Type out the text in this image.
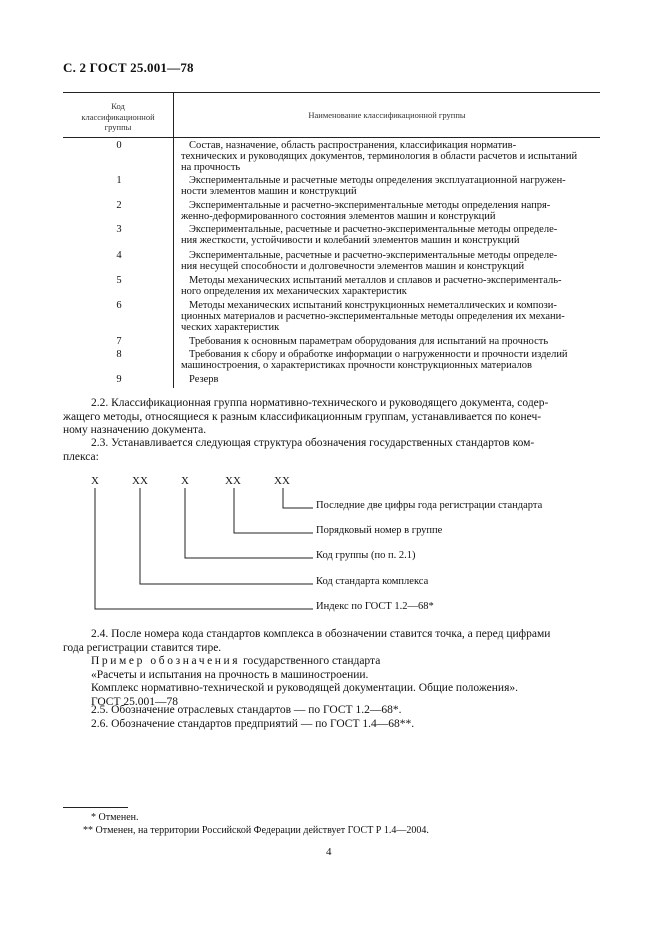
С. 2 ГОСТ 25.001—78
Код
классификационной
группы
Наименование классификационной группы
0	Состав, назначение, область распространения, классификация норматив-
технических и руководящих документов, терминология в области расчетов и испытаний
на прочность
1	Экспериментальные и расчетные методы определения эксплуатационной нагружен-
ности элементов машин и конструкций
2	Экспериментальные и расчетно-экспериментальные методы определения напря-
женно-деформированного состояния элементов машин и конструкций
3	Экспериментальные, расчетные и расчетно-экспериментальные методы определе-
ния жесткости, устойчивости и колебаний элементов машин и конструкций
4	Экспериментальные, расчетные и расчетно-экспериментальные методы определе-
ния несущей способности и долговечности элементов машин и конструкций
5	Методы механических испытаний металлов и сплавов и расчетно-эксперименталь-
ного определения их механических характеристик
6	Методы механических испытаний конструкционных неметаллических и компози-
ционных материалов и расчетно-экспериментальные методы определения их механи-
ческих характеристик
7	Требования к основным параметрам оборудования для испытаний на прочность
8	Требования к сбору и обработке информации о нагруженности и прочности изделий
машиностроения, о характеристиках прочности конструкционных материалов
9	Резерв
2.2. Классификационная группа нормативно-технического и руководящего документа, содер-
жащего методы, относящиеся к разным классификационным группам, устанавливается по конеч-
ному назначению документа.
2.3. Устанавливается следующая структура обозначения государственных стандартов ком-
плекса:
Х	ХХ	Х	ХХ	ХХ
Последние две цифры года регистрации стандарта
Порядковый номер в группе
Код группы (по п. 2.1)
Код стандарта комплекса
Индекс по ГОСТ 1.2—68*
2.4. После номера кода стандартов комплекса в обозначении ставится точка, а перед цифрами
года регистрации ставится тире.
Пример обозначения государственного стандарта
«Расчеты и испытания на прочность в машиностроении.
Комплекс нормативно-технической и руководящей документации. Общие положения».
ГОСТ 25.001—78
2.5. Обозначение отраслевых стандартов — по ГОСТ 1.2—68*.
2.6. Обозначение стандартов предприятий — по ГОСТ 1.4—68**.
* Отменен.
** Отменен, на территории Российской Федерации действует ГОСТ Р 1.4—2004.
4
